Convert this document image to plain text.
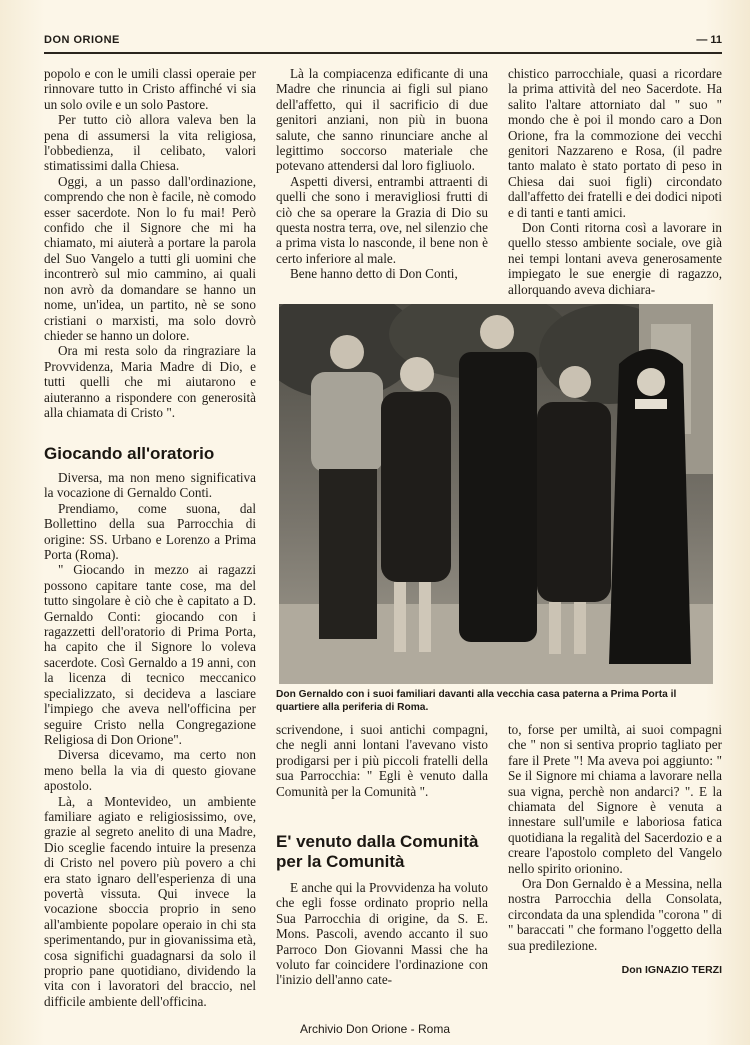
DON ORIONE	— 11

popolo e con le umili classi operaie per rinnovare tutto in Cristo affinché vi sia un solo ovile e un solo Pastore.

Per tutto ciò allora valeva ben la pena di assumersi la vita religiosa, l'obbedienza, il celibato, valori stimatissimi dalla Chiesa.

Oggi, a un passo dall'ordinazione, comprendo che non è facile, nè comodo esser sacerdote. Non lo fu mai! Però confido che il Signore che mi ha chiamato, mi aiuterà a portare la parola del Suo Vangelo a tutti gli uomini che incontrerò sul mio cammino, ai quali non avrò da domandare se hanno un nome, un'idea, un partito, nè se sono cristiani o marxisti, ma solo dovrò chieder se hanno un dolore.

Ora mi resta solo da ringraziare la Provvidenza, Maria Madre di Dio, e tutti quelli che mi aiutarono e aiuteranno a rispondere con generosità alla chiamata di Cristo ".

Giocando all'oratorio

Diversa, ma non meno significativa la vocazione di Gernaldo Conti.

Prendiamo, come suona, dal Bollettino della sua Parrocchia di origine: SS. Urbano e Lorenzo a Prima Porta (Roma).

" Giocando in mezzo ai ragazzi possono capitare tante cose, ma del tutto singolare è ciò che è capitato a D. Gernaldo Conti: giocando con i ragazzetti dell'oratorio di Prima Porta, ha capito che il Signore lo voleva sacerdote. Così Gernaldo a 19 anni, con la licenza di tecnico meccanico specializzato, si decideva a lasciare l'impiego che aveva nell'officina per seguire Cristo nella Congregazione Religiosa di Don Orione".

Diversa dicevamo, ma certo non meno bella la via di questo giovane apostolo.

Là, a Montevideo, un ambiente familiare agiato e religiosissimo, ove, grazie al segreto anelito di una Madre, Dio sceglie facendo intuire la presenza di Cristo nel povero più povero a chi era stato ignaro dell'esperienza di una povertà vissuta. Qui invece la vocazione sboccia proprio in seno all'ambiente popolare operaio in chi sta sperimentando, pur in giovanissima età, cosa significhi guadagnarsi da solo il proprio pane quotidiano, dividendo la vita con i lavoratori del braccio, nel difficile ambiente dell'officina.

Là la compiacenza edificante di una Madre che rinuncia ai figli sul piano dell'affetto, qui il sacrificio di due genitori anziani, non più in buona salute, che sanno rinunciare anche al legittimo soccorso materiale che potevano attendersi dal loro figliuolo.

Aspetti diversi, entrambi attraenti di quelli che sono i meravigliosi frutti di ciò che sa operare la Grazia di Dio su questa nostra terra, ove, nel silenzio che a prima vista lo nasconde, il bene non è certo inferiore al male.

Bene hanno detto di Don Conti,

chistico parrocchiale, quasi a ricordare la prima attività del neo Sacerdote. Ha salito l'altare attorniato dal " suo " mondo che è poi il mondo caro a Don Orione, fra la commozione dei vecchi genitori Nazzareno e Rosa, (il padre tanto malato è stato portato di peso in Chiesa dai suoi figli) circondato dall'affetto dei fratelli e dei dodici nipoti e di tanti e tanti amici.

Don Conti ritorna così a lavorare in quello stesso ambiente sociale, ove già nei tempi lontani aveva generosamente impiegato le sue energie di ragazzo, allorquando aveva dichiara-

Don Gernaldo con i suoi familiari davanti alla vecchia casa paterna a Prima Porta il quartiere alla periferia di Roma.

scrivendone, i suoi antichi compagni, che negli anni lontani l'avevano visto prodigarsi per i più piccoli fratelli della sua Parrocchia: " Egli è venuto dalla Comunità per la Comunità ".

E' venuto dalla Comunità per la Comunità

E anche qui la Provvidenza ha voluto che egli fosse ordinato proprio nella Sua Parrocchia di origine, da S. E. Mons. Pascoli, avendo accanto il suo Parroco Don Giovanni Massi che ha voluto far coincidere l'ordinazione con l'inizio dell'anno cate-

to, forse per umiltà, ai suoi compagni che " non si sentiva proprio tagliato per fare il Prete "! Ma aveva poi aggiunto: " Se il Signore mi chiama a lavorare nella sua vigna, perchè non andarci? ". E la chiamata del Signore è venuta a innestare sull'umile e laboriosa fatica quotidiana la regalità del Sacerdozio e a creare l'apostolo completo del Vangelo nello spirito orionino.

Ora Don Gernaldo è a Messina, nella nostra Parrocchia della Consolata, circondata da una splendida "corona " di " baraccati " che formano l'oggetto della sua predilezione.

Don IGNAZIO TERZI
Archivio Don Orione - Roma
